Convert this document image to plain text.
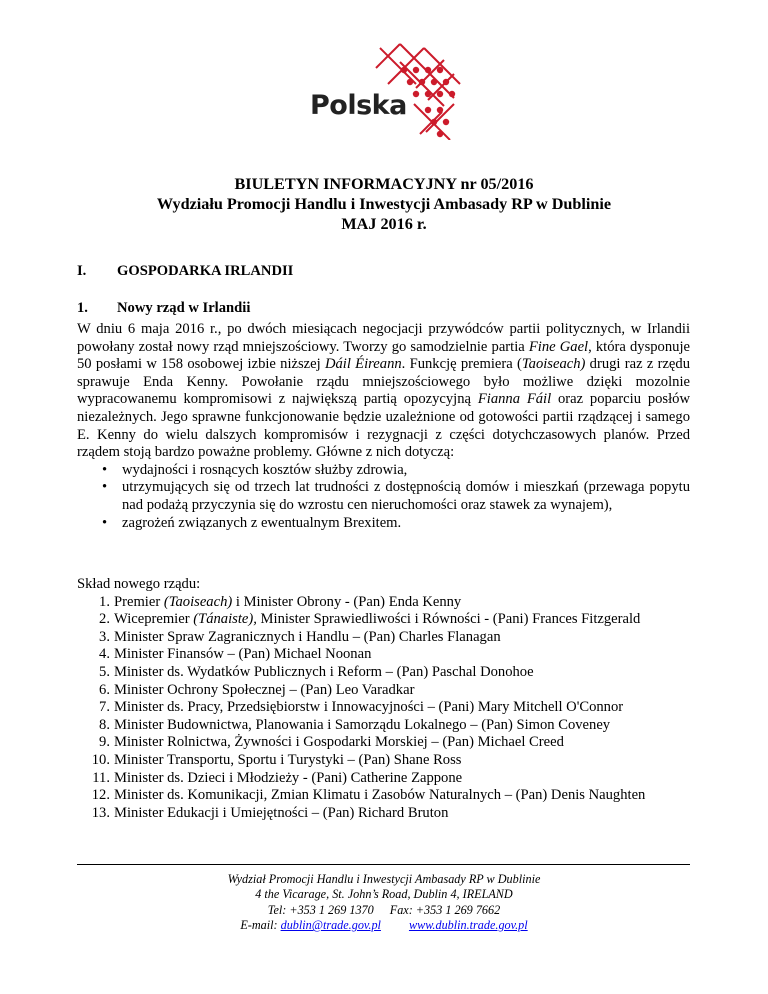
Polska
BIULETYN INFORMACYJNY nr 05/2016
Wydziału Promocji Handlu i Inwestycji Ambasady RP w Dublinie
MAJ 2016 r.
I. GOSPODARKA IRLANDII
1. Nowy rząd w Irlandii

W dniu 6 maja 2016 r., po dwóch miesiącach negocjacji przywódców partii politycznych, w Irlandii powołany został nowy rząd mniejszościowy. Tworzy go samodzielnie partia Fine Gael, która dysponuje 50 posłami w 158 osobowej izbie niższej Dáil Éireann. Funkcję premiera (Taoiseach) drugi raz z rzędu sprawuje Enda Kenny. Powołanie rządu mniejszościowego było możliwe dzięki mozolnie wypracowanemu kompromisowi z największą partią opozycyjną Fianna Fáil oraz poparciu posłów niezależnych. Jego sprawne funkcjonowanie będzie uzależnione od gotowości partii rządzącej i samego E. Kenny do wielu dalszych kompromisów i rezygnacji z części dotychczasowych planów. Przed rządem stoją bardzo poważne problemy. Główne z nich dotyczą:

• wydajności i rosnących kosztów służby zdrowia,
• utrzymujących się od trzech lat trudności z dostępnością domów i mieszkań (przewaga popytu nad podażą przyczynia się do wzrostu cen nieruchomości oraz stawek za wynajem),
• zagrożeń związanych z ewentualnym Brexitem.
Skład nowego rządu:
1. Premier (Taoiseach) i Minister Obrony - (Pan) Enda Kenny
2. Wicepremier (Tánaiste), Minister Sprawiedliwości i Równości - (Pani) Frances Fitzgerald
3. Minister Spraw Zagranicznych i Handlu – (Pan) Charles Flanagan
4. Minister Finansów – (Pan) Michael Noonan
5. Minister ds. Wydatków Publicznych i Reform – (Pan) Paschal Donohoe
6. Minister Ochrony Społecznej – (Pan) Leo Varadkar
7. Minister ds. Pracy, Przedsiębiorstw i Innowacyjności – (Pani) Mary Mitchell O'Connor
8. Minister Budownictwa, Planowania i Samorządu Lokalnego – (Pan) Simon Coveney
9. Minister Rolnictwa, Żywności i Gospodarki Morskiej – (Pan) Michael Creed
10. Minister Transportu, Sportu i Turystyki – (Pan) Shane Ross
11. Minister ds. Dzieci i Młodzieży - (Pani) Catherine Zappone
12. Minister ds. Komunikacji, Zmian Klimatu i Zasobów Naturalnych – (Pan) Denis Naughten
13. Minister Edukacji i Umiejętności – (Pan) Richard Bruton
Wydział Promocji Handlu i Inwestycji Ambasady RP w Dublinie
4 the Vicarage, St. John’s Road, Dublin 4, IRELAND
Tel: +353 1 269 1370 Fax: +353 1 269 7662
E-mail: dublin@trade.gov.pl www.dublin.trade.gov.pl
